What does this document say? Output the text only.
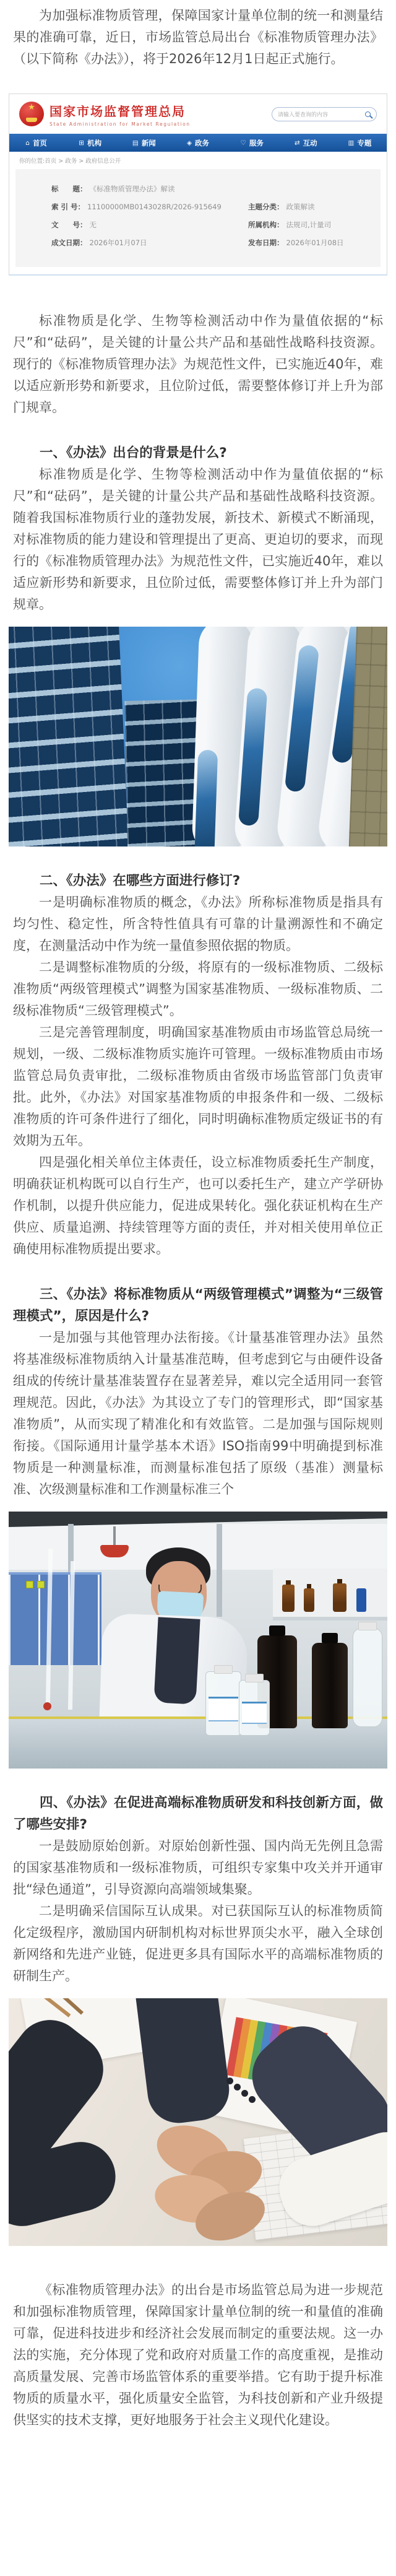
为加强标准物质管理，保障国家计量单位制的统一和测量结果的准确可靠，近日，市场监管总局出台《标准物质管理办法》（以下简称《办法》），将于2026年12月1日起正式施行。

★ 国家市场监督管理总局
State Administration for Market Regulation
请输入要查询的内容
⌂ 首页	⊞ 机构	▤ 新闻	◈ 政务	♡ 服务	⇄ 互动	▥ 专题
你的位置:首页 > 政务 > 政府信息公开
标　　题： 《标准物质管理办法》解读
索 引 号： 11100000MB0143028R/2026-915649	主题分类： 政策解读
文　　号： 无	所属机构： 法规司,计量司
成文日期： 2026年01月07日	发布日期： 2026年01月08日

标准物质是化学、生物等检测活动中作为量值依据的“标尺”和“砝码”，是关键的计量公共产品和基础性战略科技资源。现行的《标准物质管理办法》为规范性文件，已实施近40年，难以适应新形势和新要求，且位阶过低，需要整体修订并上升为部门规章。

一、《办法》出台的背景是什么?

标准物质是化学、生物等检测活动中作为量值依据的“标尺”和“砝码”，是关键的计量公共产品和基础性战略科技资源。随着我国标准物质行业的蓬勃发展，新技术、新模式不断涌现，对标准物质的能力建设和管理提出了更高、更迫切的要求，而现行的《标准物质管理办法》为规范性文件，已实施近40年，难以适应新形势和新要求，且位阶过低，需要整体修订并上升为部门规章。

二、《办法》在哪些方面进行修订?

一是明确标准物质的概念，《办法》所称标准物质是指具有均匀性、稳定性，所含特性值具有可靠的计量溯源性和不确定度，在测量活动中作为统一量值参照依据的物质。

二是调整标准物质的分级，将原有的一级标准物质、二级标准物质“两级管理模式”调整为国家基准物质、一级标准物质、二级标准物质“三级管理模式”。

三是完善管理制度，明确国家基准物质由市场监管总局统一规划，一级、二级标准物质实施许可管理。一级标准物质由市场监管总局负责审批，二级标准物质由省级市场监管部门负责审批。此外，《办法》对国家基准物质的申报条件和一级、二级标准物质的许可条件进行了细化，同时明确标准物质定级证书的有效期为五年。

四是强化相关单位主体责任，设立标准物质委托生产制度，明确获证机构既可以自行生产，也可以委托生产，建立产学研协作机制，以提升供应能力，促进成果转化。强化获证机构在生产供应、质量追溯、持续管理等方面的责任，并对相关使用单位正确使用标准物质提出要求。

三、《办法》将标准物质从“两级管理模式”调整为“三级管理模式”，原因是什么?

一是加强与其他管理办法衔接。《计量基准管理办法》虽然将基准级标准物质纳入计量基准范畴，但考虑到它与由硬件设备组成的传统计量基准装置存在显著差异，难以完全适用同一套管理规范。因此，《办法》为其设立了专门的管理形式，即“国家基准物质”，从而实现了精准化和有效监管。二是加强与国际规则衔接。《国际通用计量学基本术语》ISO指南99中明确提到标准物质是一种测量标准，而测量标准包括了原级（基准）测量标准、次级测量标准和工作测量标准三个

四、《办法》在促进高端标准物质研发和科技创新方面，做了哪些安排?

一是鼓励原始创新。对原始创新性强、国内尚无先例且急需的国家基准物质和一级标准物质，可组织专家集中攻关并开通审批“绿色通道”，引导资源向高端领域集聚。

二是明确采信国际互认成果。对已获国际互认的标准物质简化定级程序，激励国内研制机构对标世界顶尖水平，融入全球创新网络和先进产业链，促进更多具有国际水平的高端标准物质的研制生产。

《标准物质管理办法》的出台是市场监管总局为进一步规范和加强标准物质管理，保障国家计量单位制的统一和量值的准确可靠，促进科技进步和经济社会发展而制定的重要法规。这一办法的实施，充分体现了党和政府对质量工作的高度重视，是推动高质量发展、完善市场监管体系的重要举措。它有助于提升标准物质的质量水平，强化质量安全监管，为科技创新和产业升级提供坚实的技术支撑，更好地服务于社会主义现代化建设。
